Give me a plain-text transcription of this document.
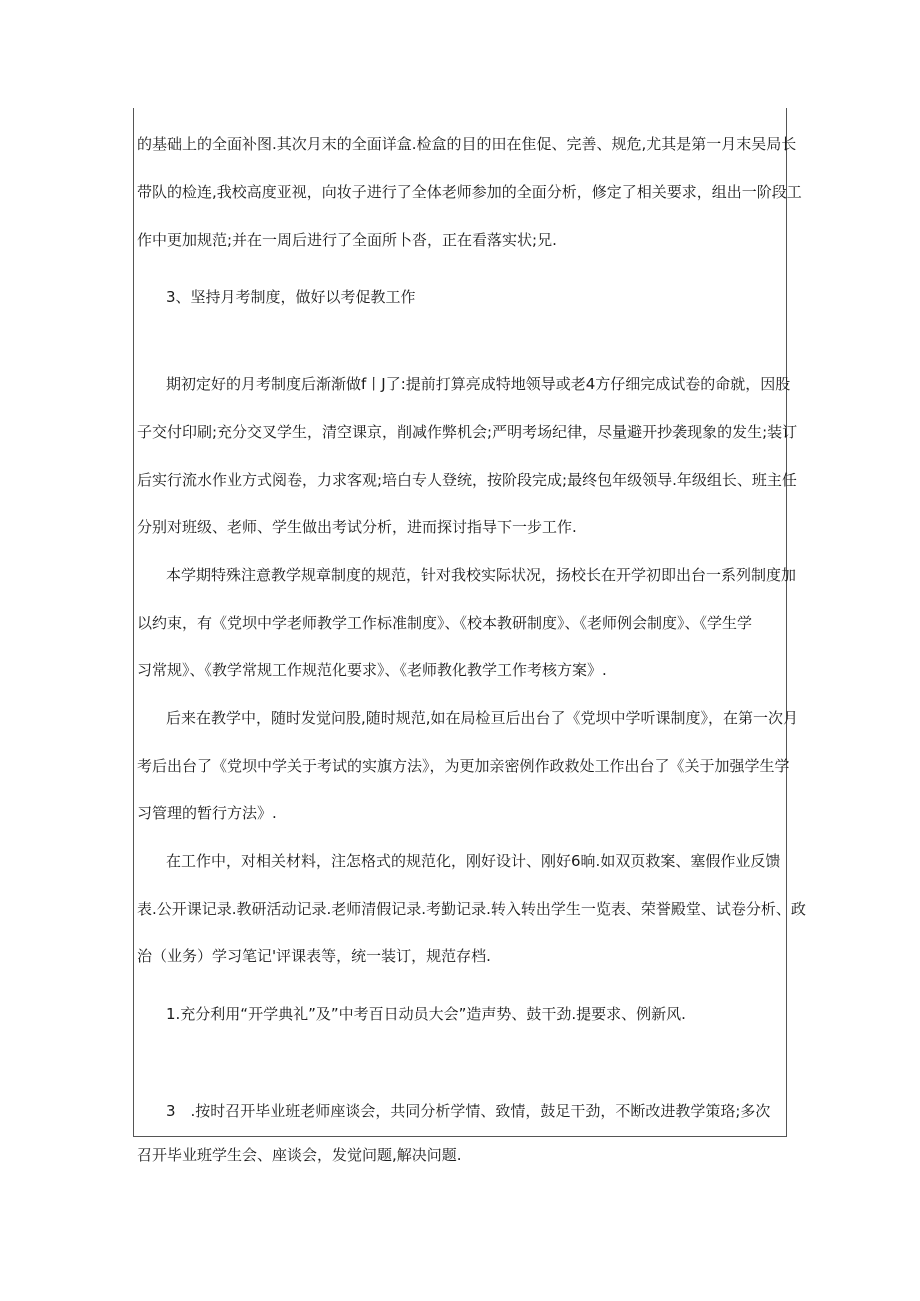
的基础上的全面补图.其次月末的全面详盒.检盒的目的田在隹促、完善、规危,尤其是第一月末吴局长
带队的检连,我校高度亚视，向妆子进行了全体老师参加的全面分析，修定了相关要求，组出一阶段工
作中更加规范;并在一周后进行了全面所卜沓，正在看落实状;兄.
3、坚持月考制度，做好以考促教工作
期初定好的月考制度后渐渐做f丨J了:提前打算亮成特地领导或老4方仔细完成试卷的命就，因股
子交付印刷;充分交叉学生，清空课京，削减作弊机会;严明考场纪律，尽量避开抄袭现象的发生;装订
后实行流水作业方式阅卷，力求客观;培白专人登统，按阶段完成;最终包年级领导.年级组长、班主任
分别对班级、老师、学生做出考试分析，进而探讨指导下一步工作.
本学期特殊注意教学规章制度的规范，针对我校实际状况，扬校长在开学初即出台一系列制度加
以约束，有《党坝中学老师教学工作标准制度》、《校本教研制度》、《老师例会制度》、《学生学
习常规》、《教学常规工作规范化要求》、《老师教化教学工作考核方案》.
后来在教学中，随时发觉问股,随时规范,如在局检亘后出台了《党坝中学听课制度》，在第一次月
考后出台了《党坝中学关于考试的实旗方法》，为更加亲密例作政救处工作出台了《关于加强学生学
习管理的暂行方法》.
在工作中，对相关材料，注怎格式的规范化，刚好设计、刚好6晌.如双页救案、塞假作业反馈
表.公开课记录.教研活动记录.老师清假记录.考勤记录.转入转出学生一览表、荣誉殿堂、试卷分析、政
治（业务）学习笔记'评课表等，统一装订，规范存档.
1.充分利用“开学典礼”及”中考百日动员大会”造声势、鼓干劲.提要求、例新风.
3　.按时召开毕业班老师座谈会，共同分析学情、致情，鼓足干劲，不断改进教学策珞;多次
召开毕业班学生会、座谈会，发觉问题,解决问题.
